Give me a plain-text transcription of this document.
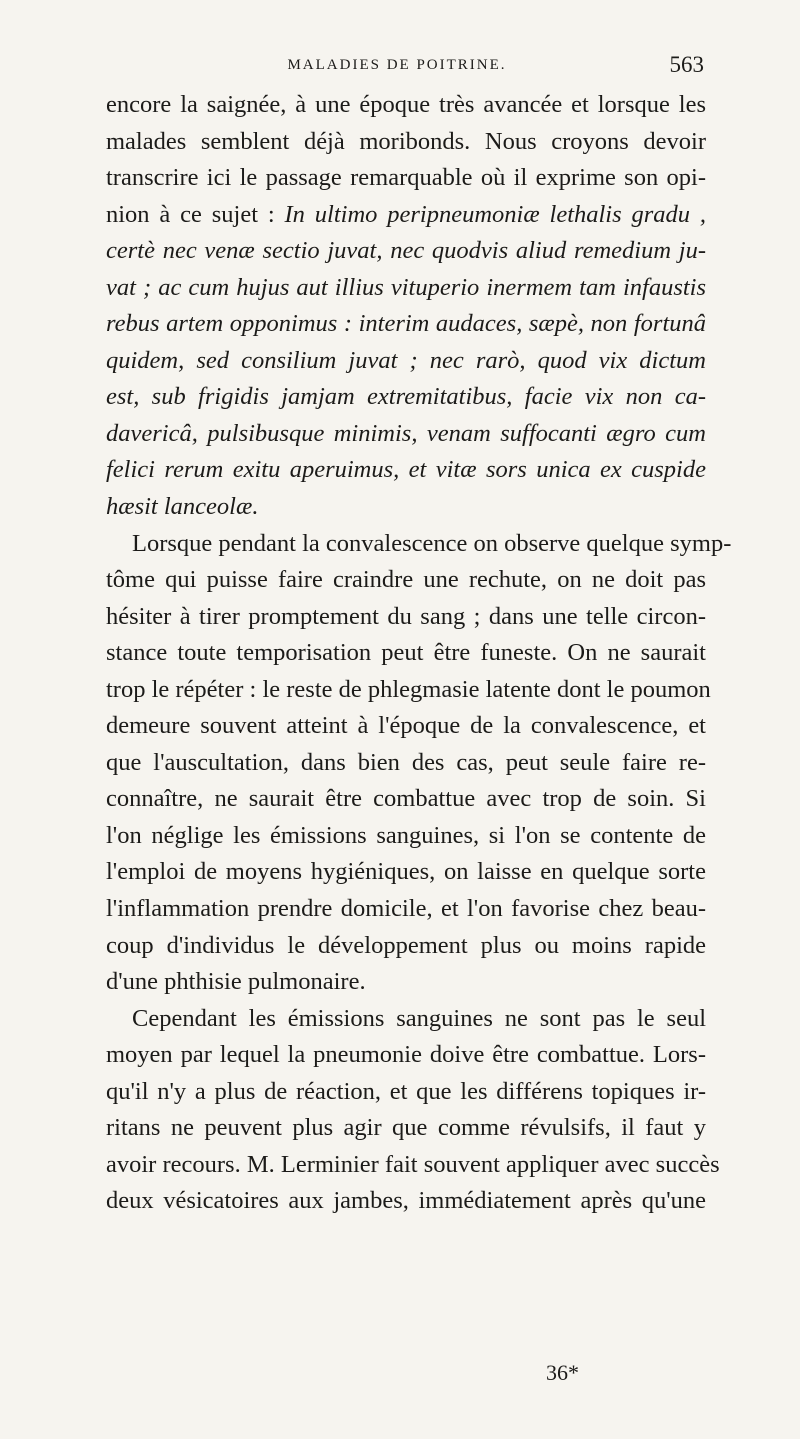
MALADIES DE POITRINE.	563
encore la saignée, à une époque très avancée et lorsque les
malades semblent déjà moribonds. Nous croyons devoir
transcrire ici le passage remarquable où il exprime son opi-
nion à ce sujet : In ultimo peripneumoniæ lethalis gradu ,
certè nec venæ sectio juvat, nec quodvis aliud remedium ju-
vat ; ac cum hujus aut illius vituperio inermem tam infaustis
rebus artem opponimus : interim audaces, sæpè, non fortunâ
quidem, sed consilium juvat ; nec rarò, quod vix dictum
est, sub frigidis jamjam extremitatibus, facie vix non ca-
davericâ, pulsibusque minimis, venam suffocanti ægro cum
felici rerum exitu aperuimus, et vitæ sors unica ex cuspide
hæsit lanceolæ.
Lorsque pendant la convalescence on observe quelque symp-
tôme qui puisse faire craindre une rechute, on ne doit pas
hésiter à tirer promptement du sang ; dans une telle circon-
stance toute temporisation peut être funeste. On ne saurait
trop le répéter : le reste de phlegmasie latente dont le poumon
demeure souvent atteint à l'époque de la convalescence, et
que l'auscultation, dans bien des cas, peut seule faire re-
connaître, ne saurait être combattue avec trop de soin. Si
l'on néglige les émissions sanguines, si l'on se contente de
l'emploi de moyens hygiéniques, on laisse en quelque sorte
l'inflammation prendre domicile, et l'on favorise chez beau-
coup d'individus le développement plus ou moins rapide
d'une phthisie pulmonaire.
Cependant les émissions sanguines ne sont pas le seul
moyen par lequel la pneumonie doive être combattue. Lors-
qu'il n'y a plus de réaction, et que les différens topiques ir-
ritans ne peuvent plus agir que comme révulsifs, il faut y
avoir recours. M. Lerminier fait souvent appliquer avec succès
deux vésicatoires aux jambes, immédiatement après qu'une
36*
